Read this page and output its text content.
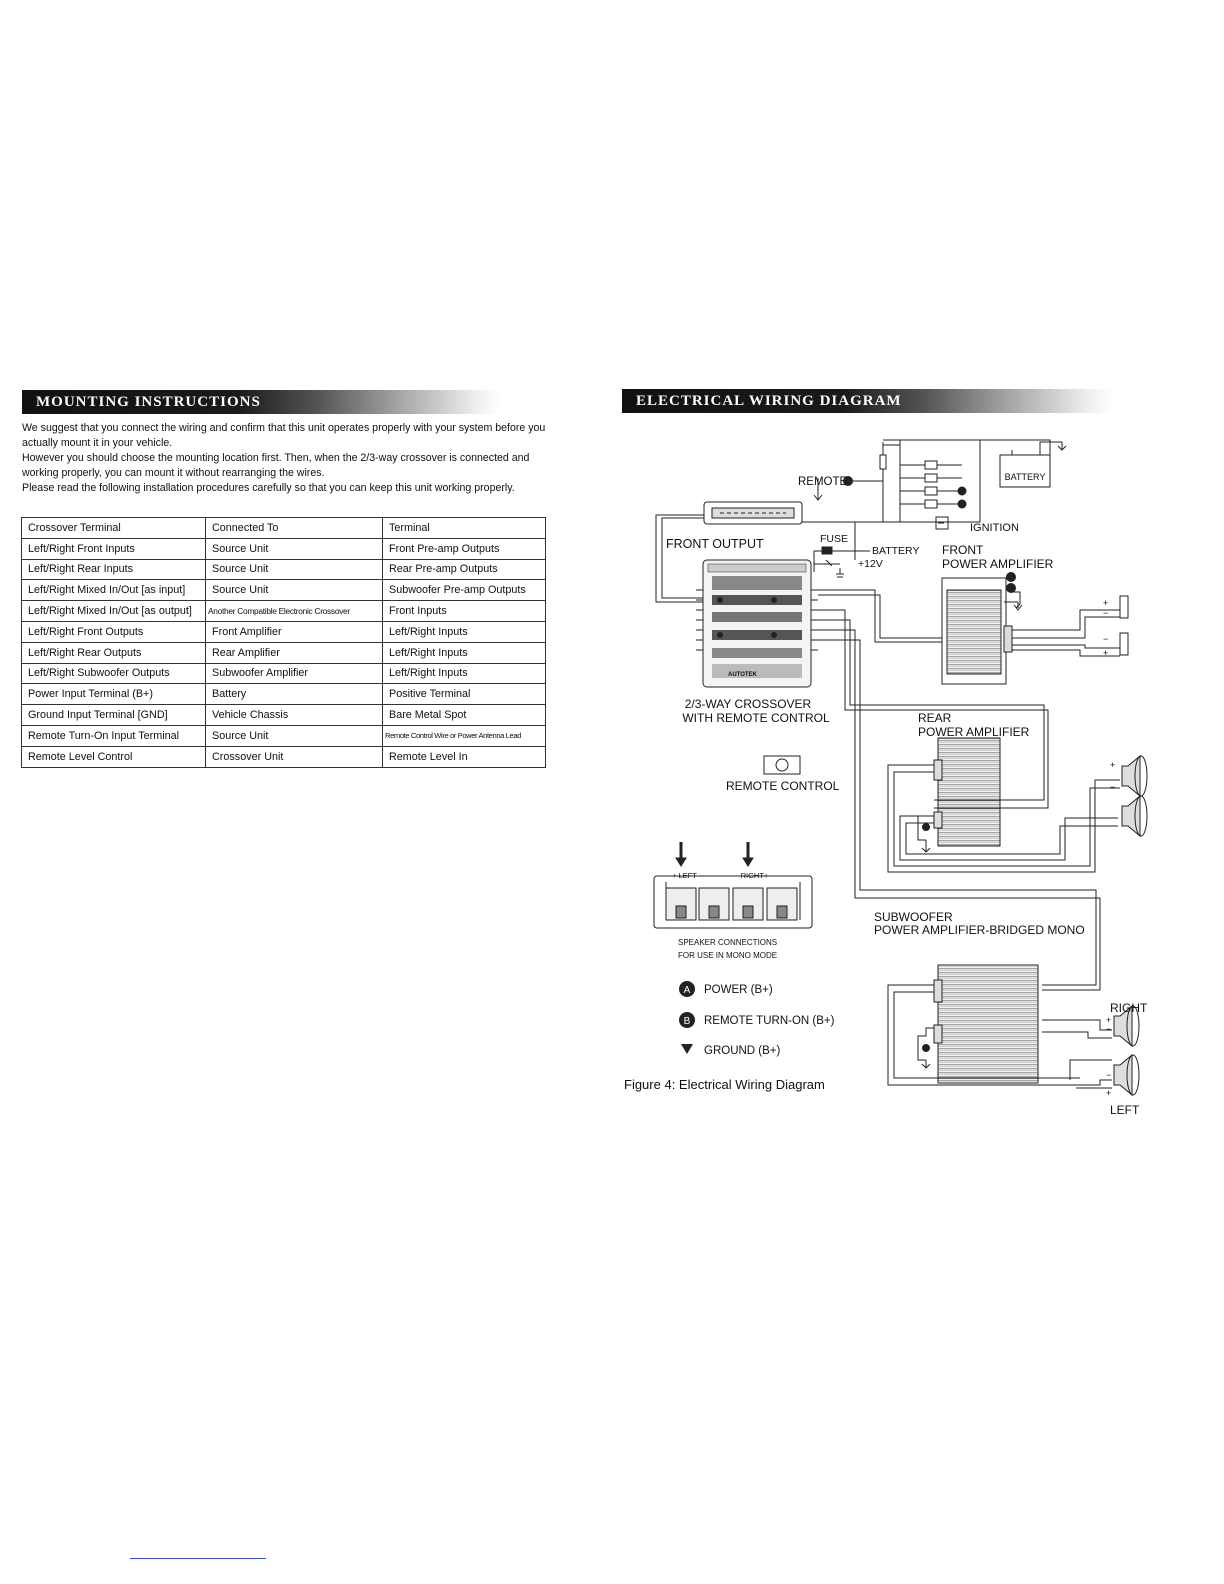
MOUNTING INSTRUCTIONS

We suggest that you connect the wiring and confirm that this unit operates properly with your system before you actually mount it in your vehicle.

However you should choose the mounting location first. Then, when the 2/3-way crossover is connected and working properly, you can mount it without rearranging the wires.

Please read the following installation procedures carefully so that you can keep this unit working properly.

Crossover Terminal	Connected To	Terminal
Left/Right Front Inputs	Source Unit	Front Pre-amp Outputs
Left/Right Rear Inputs	Source Unit	Rear Pre-amp Outputs
Left/Right Mixed In/Out [as input]	Source Unit	Subwoofer Pre-amp Outputs
Left/Right Mixed In/Out [as output]	Another Compatible Electronic Crossover	Front Inputs
Left/Right Front Outputs	Front Amplifier	Left/Right Inputs
Left/Right Rear Outputs	Rear Amplifier	Left/Right Inputs
Left/Right Subwoofer Outputs	Subwoofer Amplifier	Left/Right Inputs
Power Input Terminal (B+)	Battery	Positive Terminal
Ground Input Terminal [GND]	Vehicle Chassis	Bare Metal Spot
Remote Turn-On Input Terminal	Source Unit	Remote Control Wire or Power Antenna Lead
Remote Level Control	Crossover Unit	Remote Level In
ELECTRICAL WIRING DIAGRAM
AUTOTEK
A
B
REMOTE	BATTERY
IGNITION
FRONT OUTPUT	FUSE
BATTERY
+12V
FRONT
POWER AMPLIFIER
2/3-WAY CROSSOVER
WITH REMOTE CONTROL	REAR
POWER AMPLIFIER
REMOTE CONTROL
+ LEFT -	- RIGHT+
SPEAKER CONNECTIONS
FOR USE IN MONO MODE
SUBWOOFER
POWER AMPLIFIER-BRIDGED MONO
POWER (B+)
REMOTE TURN-ON (B+)
GROUND (B+)
RIGHT
LEFT
+
−
−
+
+
−
+
−
−
+
Figure 4: Electrical Wiring Diagram
